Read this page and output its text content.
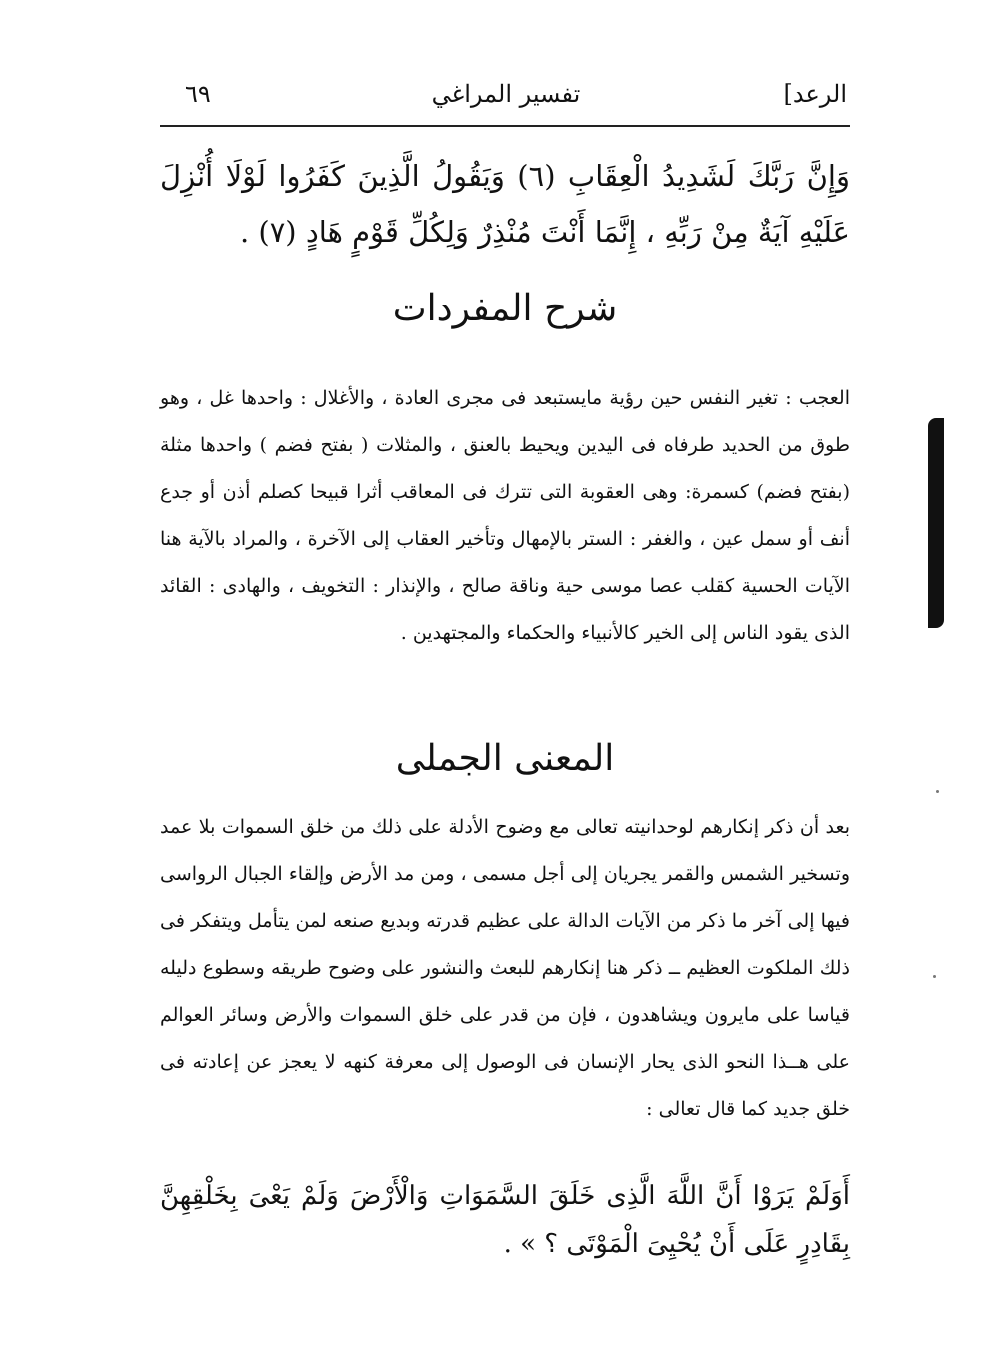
الرعد]
تفسير المراغي
٦٩
وَإِنَّ رَبَّكَ لَشَدِيدُ الْعِقَابِ (٦) وَيَقُولُ الَّذِينَ كَفَرُوا لَوْلَا أُنْزِلَ عَلَيْهِ آيَةٌ مِنْ رَبِّهِ ، إِنَّمَا أَنْتَ مُنْذِرٌ وَلِكُلِّ قَوْمٍ هَادٍ (٧) .
شرح المفردات
العجب : تغير النفس حين رؤية مايستبعد فى مجرى العادة ، والأغلال : واحدها غل ، وهو طوق من الحديد طرفاه فى اليدين ويحيط بالعنق ، والمثلات ( بفتح فضم ) واحدها مثلة (بفتح فضم) كسمرة: وهى العقوبة التى تترك فى المعاقب أثرا قبيحا كصلم أذن أو جدع أنف أو سمل عين ، والغفر : الستر بالإمهال وتأخير العقاب إلى الآخرة ، والمراد بالآية هنا الآيات الحسية كقلب عصا موسى حية وناقة صالح ، والإنذار : التخويف ، والهادى : القائد الذى يقود الناس إلى الخير كالأنبياء والحكماء والمجتهدين .
المعنى الجملى
بعد أن ذكر إنكارهم لوحدانيته تعالى مع وضوح الأدلة على ذلك من خلق السموات بلا عمد وتسخير الشمس والقمر يجريان إلى أجل مسمى ، ومن مد الأرض وإلقاء الجبال الرواسى فيها إلى آخر ما ذكر من الآيات الدالة على عظيم قدرته وبديع صنعه لمن يتأمل ويتفكر فى ذلك الملكوت العظيم ــ ذكر هنا إنكارهم للبعث والنشور على وضوح طريقه وسطوع دليله قياسا على مايرون ويشاهدون ، فإن من قدر على خلق السموات والأرض وسائر العوالم على هــذا النحو الذى يحار الإنسان فى الوصول إلى معرفة كنهه لا يعجز عن إعادته فى خلق جديد كما قال تعالى :
أَوَلَمْ يَرَوْا أَنَّ اللَّهَ الَّذِى خَلَقَ السَّمَوَاتِ وَالْأَرْضَ وَلَمْ يَعْىَ بِخَلْقِهِنَّ بِقَادِرٍ عَلَى أَنْ يُحْيِىَ الْمَوْتَى ؟ » .
